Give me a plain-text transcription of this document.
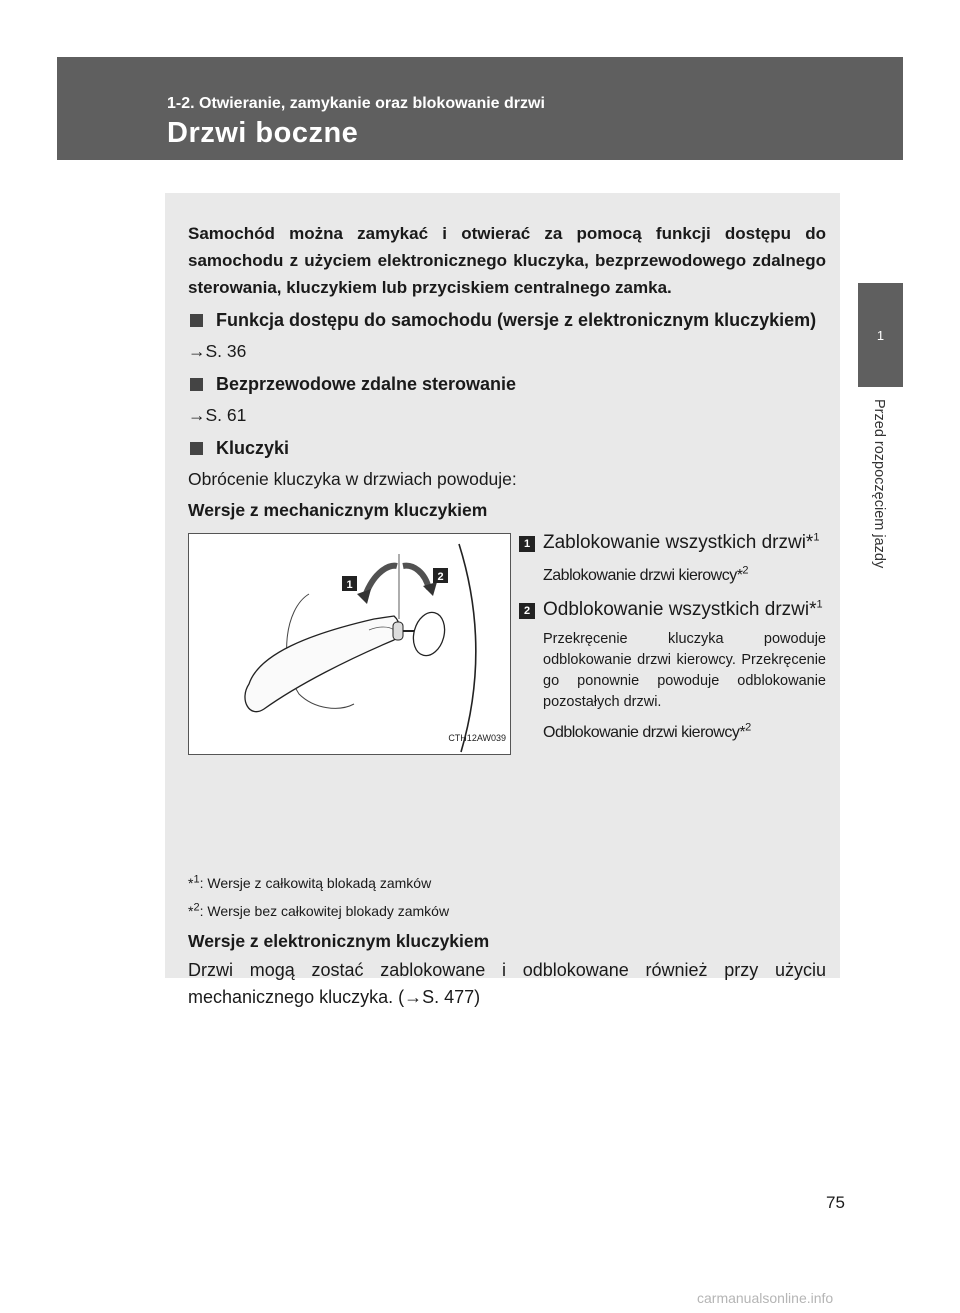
1-2. Otwieranie, zamykanie oraz blokowanie drzwi
Drzwi boczne
1
Przed rozpoczęciem jazdy

Samochód można zamykać i otwierać za pomocą funkcji dostępu do samochodu z użyciem elektronicznego kluczyka, bezprzewodowego zdalnego sterowania, kluczykiem lub przyciskiem centralnego zamka.

Funkcja dostępu do samochodu (wersje z elektronicznym kluczykiem)
→S. 36
Bezprzewodowe zdalne sterowanie
→S. 61
Kluczyki
Obrócenie kluczyka w drzwiach powoduje:
Wersje z mechanicznym kluczykiem
1
2
CTH12AW039
1 Zablokowanie wszystkich drzwi*$^1$
Zablokowanie drzwi kierowcy*$^2$
2 Odblokowanie wszystkich drzwi*$^1$
Przekręcenie kluczyka powoduje odblokowanie drzwi kierowcy. Przekręcenie go ponownie powoduje odblokowanie pozostałych drzwi.
Odblokowanie drzwi kierowcy*$^2$
*$^1$: Wersje z całkowitą blokadą zamków
*$^2$: Wersje bez całkowitej blokady zamków
Wersje z elektronicznym kluczykiem
Drzwi mogą zostać zablokowane i odblokowane również przy użyciu mechanicznego kluczyka. (→S. 477)
75
carmanualsonline.info
